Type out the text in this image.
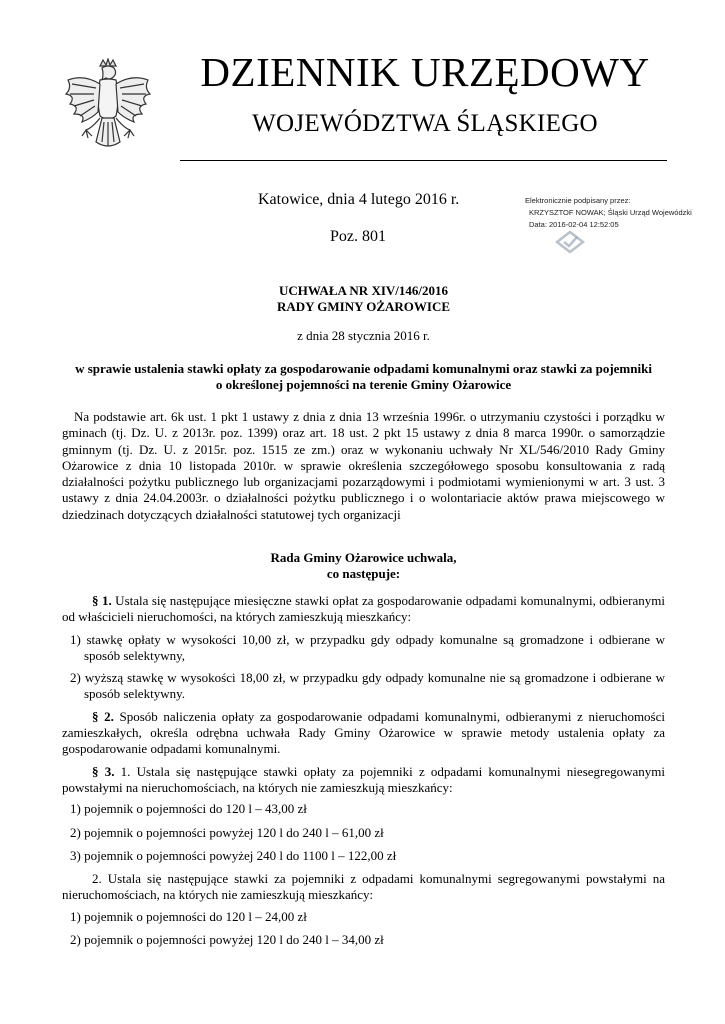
DZIENNIK URZĘDOWY
WOJEWÓDZTWA ŚLĄSKIEGO
Katowice, dnia 4 lutego 2016 r.
Poz. 801
Elektronicznie podpisany przez:
KRZYSZTOF NOWAK; Śląski Urząd Wojewódzki
Data: 2016-02-04 12:52:05
UCHWAŁA NR XIV/146/2016
RADY GMINY OŻAROWICE
z dnia 28 stycznia 2016 r.
w sprawie ustalenia stawki opłaty za gospodarowanie odpadami komunalnymi oraz stawki za pojemniki
o określonej pojemności na terenie Gminy Ożarowice
Na podstawie art. 6k ust. 1 pkt 1 ustawy z dnia z dnia 13 września 1996r. o utrzymaniu czystości i porządku w gminach (tj. Dz. U. z 2013r. poz. 1399) oraz art. 18 ust. 2 pkt 15 ustawy z dnia 8 marca 1990r. o samorządzie gminnym (tj. Dz. U. z 2015r. poz. 1515 ze zm.) oraz w wykonaniu uchwały Nr XL/546/2010 Rady Gminy Ożarowice z dnia 10 listopada 2010r. w sprawie określenia szczegółowego sposobu konsultowania z radą działalności pożytku publicznego lub organizacjami pozarządowymi i podmiotami wymienionymi w art. 3 ust. 3 ustawy z dnia 24.04.2003r. o działalności pożytku publicznego i o wolontariacie aktów prawa miejscowego w dziedzinach dotyczących działalności statutowej tych organizacji
Rada Gminy Ożarowice uchwala,
co następuje:
§ 1. Ustala się następujące miesięczne stawki opłat za gospodarowanie odpadami komunalnymi, odbieranymi od właścicieli nieruchomości, na których zamieszkują mieszkańcy:
1) stawkę opłaty w wysokości 10,00 zł, w przypadku gdy odpady komunalne są gromadzone i odbierane w sposób selektywny,
2) wyższą stawkę w wysokości 18,00 zł, w przypadku gdy odpady komunalne nie są gromadzone i odbierane w sposób selektywny.
§ 2. Sposób naliczenia opłaty za gospodarowanie odpadami komunalnymi, odbieranymi z nieruchomości zamieszkałych, określa odrębna uchwała Rady Gminy Ożarowice w sprawie metody ustalenia opłaty za gospodarowanie odpadami komunalnymi.
§ 3. 1. Ustala się następujące stawki opłaty za pojemniki z odpadami komunalnymi niesegregowanymi powstałymi na nieruchomościach, na których nie zamieszkują mieszkańcy:
1) pojemnik o pojemności do 120 l – 43,00 zł
2) pojemnik o pojemności powyżej 120 l do 240 l – 61,00 zł
3) pojemnik o pojemności powyżej 240 l do 1100 l – 122,00 zł
2. Ustala się następujące stawki za pojemniki z odpadami komunalnymi segregowanymi powstałymi na nieruchomościach, na których nie zamieszkują mieszkańcy:
1) pojemnik o pojemności do 120 l – 24,00 zł
2) pojemnik o pojemności powyżej 120 l do 240 l – 34,00 zł
